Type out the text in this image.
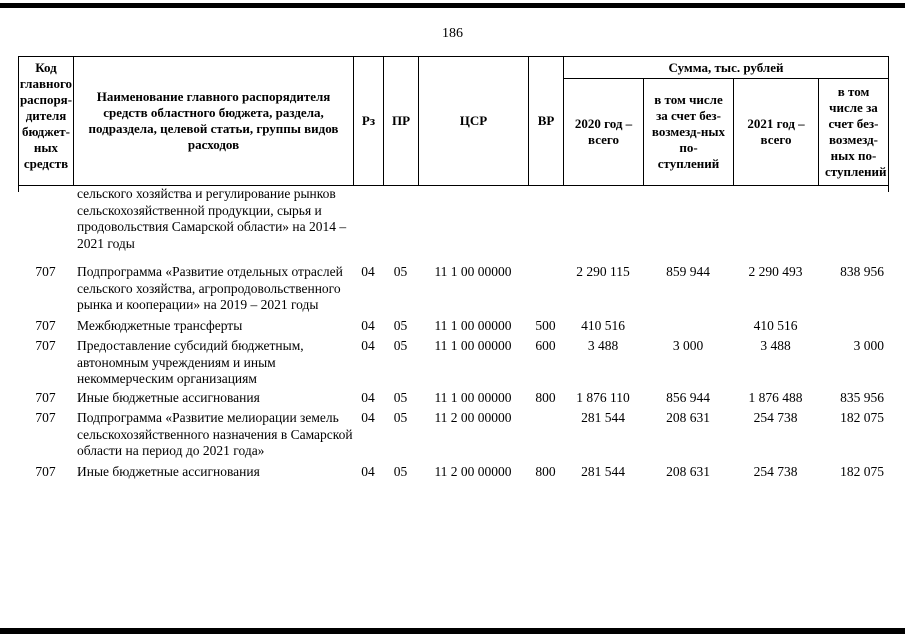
186
Код главного распоря-дителя бюджет-ных средств	Наименование главного распорядителя средств областного бюджета, раздела, подраздела, целевой статьи, группы видов расходов	Рз	ПР	ЦСР	ВР	Сумма, тыс. рублей			
						2020 год – всего	в том числе за счет без-возмезд-ных по-ступлений	2021 год – всего	в том числе за счет без-возмезд-ных по-ступлений
	сельского хозяйства и регулирование рынков сельскохозяйственной продукции, сырья и продовольствия Самарской области» на 2014 – 2021 годы								
707	Подпрограмма «Развитие отдельных отраслей сельского хозяйства, агропродовольственного рынка и кооперации» на 2019 – 2021 годы	04	05	11 1 00 00000		2 290 115	859 944	2 290 493	838 956
707	Межбюджетные трансферты	04	05	11 1 00 00000	500	410 516		410 516	
707	Предоставление субсидий бюджетным, автономным учреждениям и иным некоммерческим организациям	04	05	11 1 00 00000	600	3 488	3 000	3 488	3 000
707	Иные бюджетные ассигнования	04	05	11 1 00 00000	800	1 876 110	856 944	1 876 488	835 956
707	Подпрограмма «Развитие мелиорации земель сельскохозяйственного назначения в Самарской области на период до 2021 года»	04	05	11 2 00 00000		281 544	208 631	254 738	182 075
707	Иные бюджетные ассигнования	04	05	11 2 00 00000	800	281 544	208 631	254 738	182 075
